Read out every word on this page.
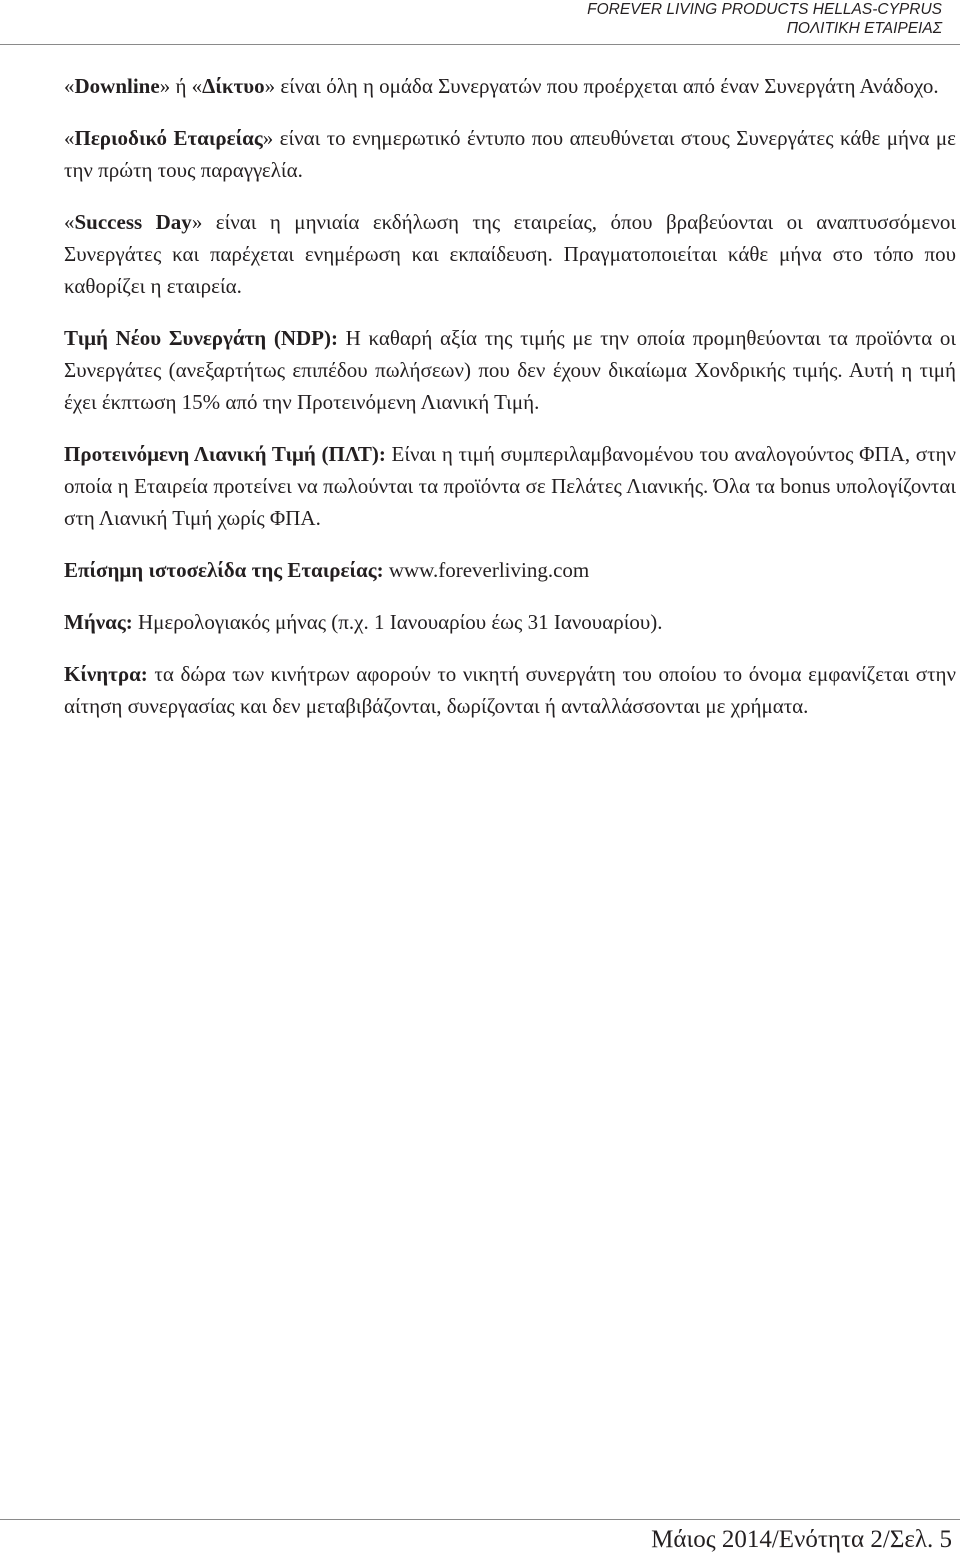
FOREVER LIVING PRODUCTS HELLAS-CYPRUS
ΠΟΛΙΤΙΚΗ ΕΤΑΙΡΕΙΑΣ

«Downline» ή «Δίκτυο» είναι όλη η ομάδα Συνεργατών που προέρχεται από έναν Συνεργάτη Ανάδοχο.

«Περιοδικό Εταιρείας» είναι το ενημερωτικό έντυπο που απευθύνεται στους Συνεργάτες κάθε μήνα με την πρώτη τους παραγγελία.

«Success Day» είναι η μηνιαία εκδήλωση της εταιρείας, όπου βραβεύονται οι αναπτυσσόμενοι Συνεργάτες και παρέχεται ενημέρωση και εκπαίδευση. Πραγματοποιείται κάθε μήνα στο τόπο που καθορίζει η εταιρεία.

Τιμή Νέου Συνεργάτη (NDP): Η καθαρή αξία της τιμής με την οποία προμηθεύονται τα προϊόντα οι Συνεργάτες (ανεξαρτήτως επιπέδου πωλήσεων) που δεν έχουν δικαίωμα Χονδρικής τιμής. Αυτή η τιμή έχει έκπτωση 15% από την Προτεινόμενη Λιανική Τιμή.

Προτεινόμενη Λιανική Τιμή (ΠΛΤ): Είναι η τιμή συμπεριλαμβανομένου του αναλογούντος ΦΠΑ, στην οποία η Εταιρεία προτείνει να πωλούνται τα προϊόντα σε Πελάτες Λιανικής. Όλα τα bonus υπολογίζονται στη Λιανική Τιμή χωρίς ΦΠΑ.

Επίσημη ιστοσελίδα της Εταιρείας: www.foreverliving.com

Μήνας: Ημερολογιακός μήνας (π.χ. 1 Ιανουαρίου έως 31 Ιανουαρίου).

Κίνητρα: τα δώρα των κινήτρων αφορούν το νικητή συνεργάτη του οποίου το όνομα εμφανίζεται στην αίτηση συνεργασίας και δεν μεταβιβάζονται, δωρίζονται ή ανταλλάσσονται με χρήματα.

Μάιος 2014/Ενότητα 2/Σελ. 5
